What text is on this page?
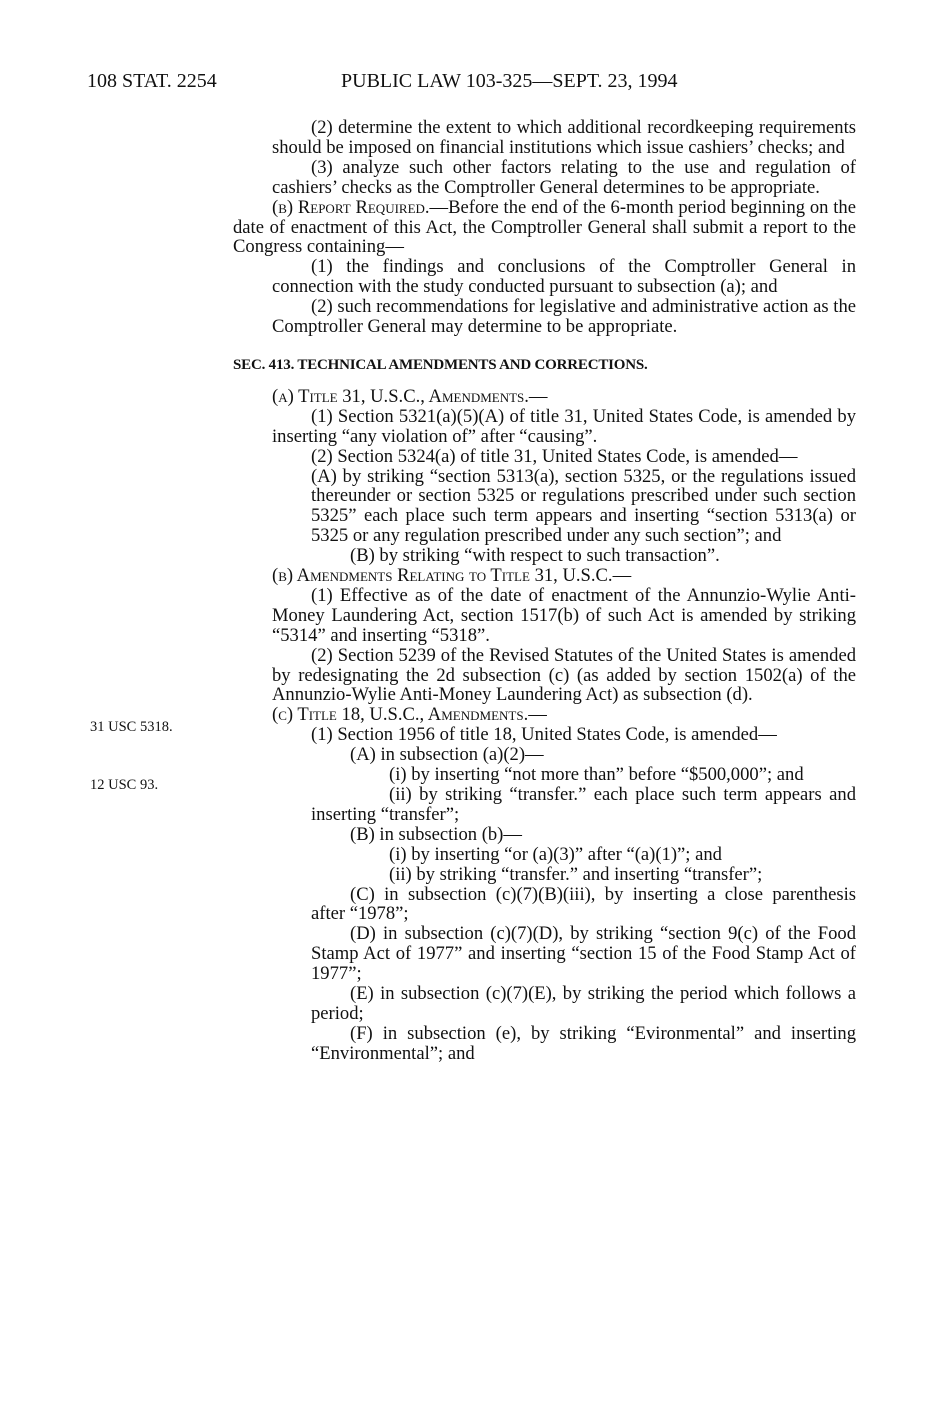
108 STAT. 2254	PUBLIC LAW 103-325—SEPT. 23, 1994
31 USC 5318.
12 USC 93.

(2) determine the extent to which additional recordkeeping requirements should be imposed on financial institutions which issue cashiers’ checks; and

(3) analyze such other factors relating to the use and regulation of cashiers’ checks as the Comptroller General determines to be appropriate.

(b) Report Required.—Before the end of the 6-month period beginning on the date of enactment of this Act, the Comptroller General shall submit a report to the Congress containing—

(1) the findings and conclusions of the Comptroller General in connection with the study conducted pursuant to subsection (a); and

(2) such recommendations for legislative and administrative action as the Comptroller General may determine to be appropriate.

SEC. 413. TECHNICAL AMENDMENTS AND CORRECTIONS.

(a) Title 31, U.S.C., Amendments.—

(1) Section 5321(a)(5)(A) of title 31, United States Code, is amended by inserting “any violation of” after “causing”.

(2) Section 5324(a) of title 31, United States Code, is amended—

(A) by striking “section 5313(a), section 5325, or the regulations issued thereunder or section 5325 or regulations prescribed under such section 5325” each place such term appears and inserting “section 5313(a) or 5325 or any regulation prescribed under any such section”; and

(B) by striking “with respect to such transaction”.

(b) Amendments Relating to Title 31, U.S.C.—

(1) Effective as of the date of enactment of the Annunzio-Wylie Anti-Money Laundering Act, section 1517(b) of such Act is amended by striking “5314” and inserting “5318”.

(2) Section 5239 of the Revised Statutes of the United States is amended by redesignating the 2d subsection (c) (as added by section 1502(a) of the Annunzio-Wylie Anti-Money Laundering Act) as subsection (d).

(c) Title 18, U.S.C., Amendments.—

(1) Section 1956 of title 18, United States Code, is amended—

(A) in subsection (a)(2)—

(i) by inserting “not more than” before “$500,000”; and

(ii) by striking “transfer.” each place such term appears and inserting “transfer”;

(B) in subsection (b)—

(i) by inserting “or (a)(3)” after “(a)(1)”; and

(ii) by striking “transfer.” and inserting “transfer”;

(C) in subsection (c)(7)(B)(iii), by inserting a close parenthesis after “1978”;

(D) in subsection (c)(7)(D), by striking “section 9(c) of the Food Stamp Act of 1977” and inserting “section 15 of the Food Stamp Act of 1977”;

(E) in subsection (c)(7)(E), by striking the period which follows a period;

(F) in subsection (e), by striking “Evironmental” and inserting “Environmental”; and
